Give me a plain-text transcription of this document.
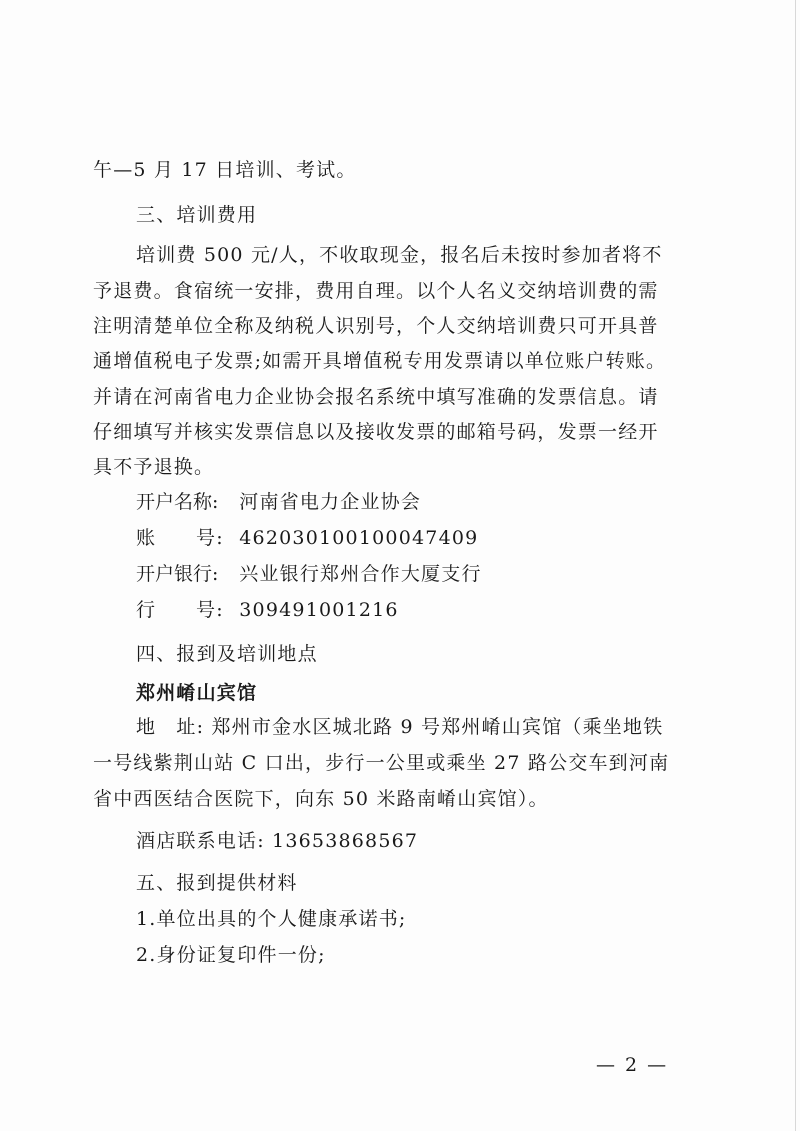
午—5 月 17 日培训、考试。
三、培训费用
培训费 500 元/人，不收取现金，报名后未按时参加者将不
予退费。食宿统一安排，费用自理。以个人名义交纳培训费的需
注明清楚单位全称及纳税人识别号，个人交纳培训费只可开具普
通增值税电子发票;如需开具增值税专用发票请以单位账户转账。
并请在河南省电力企业协会报名系统中填写准确的发票信息。请
仔细填写并核实发票信息以及接收发票的邮箱号码，发票一经开
具不予退换。
开户名称: 河南省电力企业协会
账 号: 462030100100047409
开户银行: 兴业银行郑州合作大厦支行
行 号: 309491001216
四、报到及培训地点
郑州崤山宾馆
地　址: 郑州市金水区城北路 9 号郑州崤山宾馆（乘坐地铁
一号线紫荆山站 C 口出，步行一公里或乘坐 27 路公交车到河南
省中西医结合医院下，向东 50 米路南崤山宾馆）。
酒店联系电话: 13653868567
五、报到提供材料
1.单位出具的个人健康承诺书;
2.身份证复印件一份;
— 2 —
